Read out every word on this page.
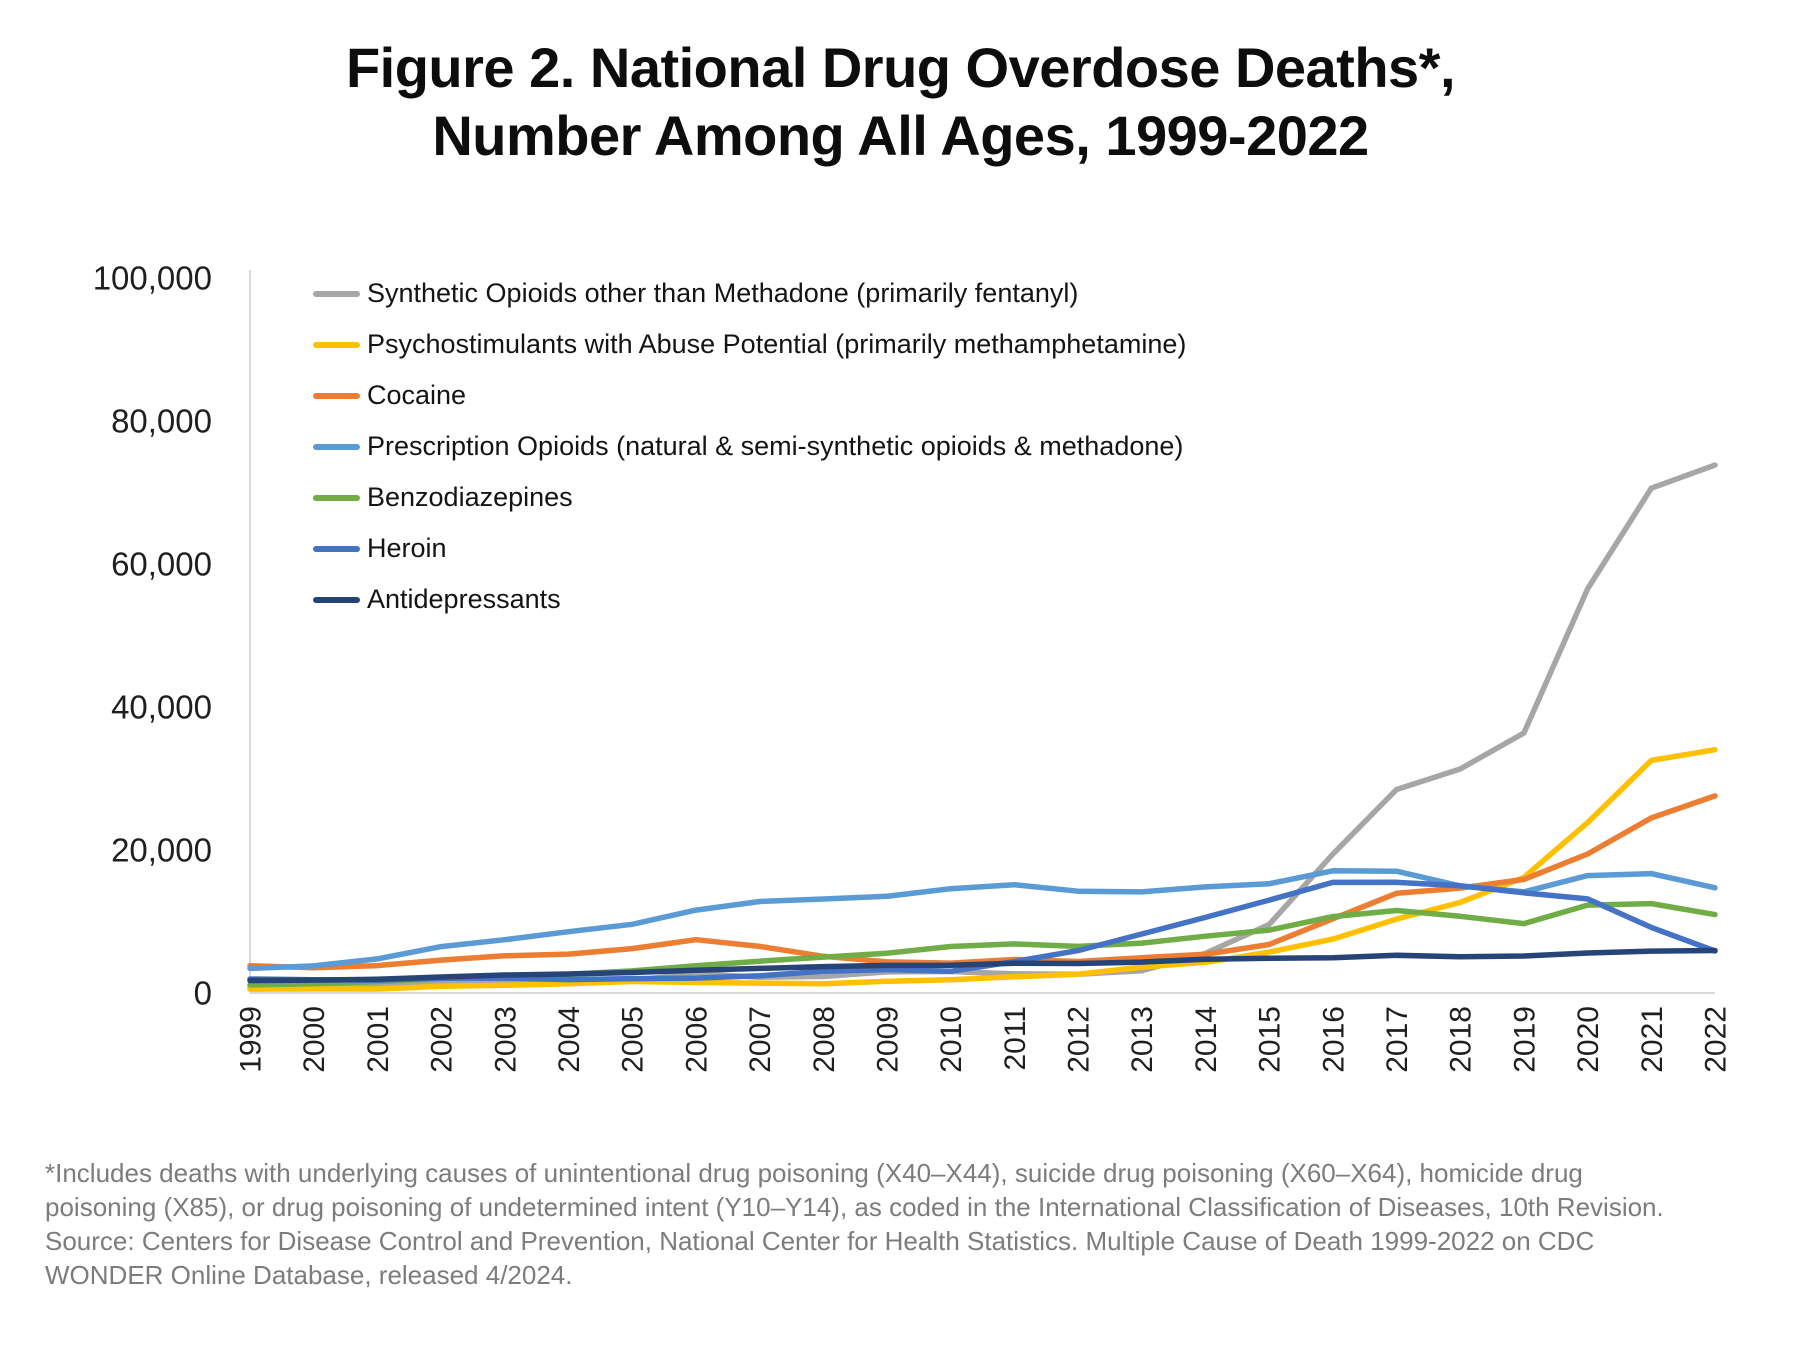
0
20,000
40,000
60,000
80,000
100,000
1999 2000 2001 2002 2003 2004 2005 2006 2007 2008 2009 2010 2011 2012 2013 2014 2015 2016 2017 2018 2019 2020 2021 2022
Figure 2. National Drug Overdose Deaths*,
Number Among All Ages, 1999-2022
Synthetic Opioids other than Methadone (primarily fentanyl)
Psychostimulants with Abuse Potential (primarily methamphetamine)
Cocaine
Prescription Opioids (natural & semi-synthetic opioids & methadone)
Benzodiazepines
Heroin
Antidepressants
*Includes deaths with underlying causes of unintentional drug poisoning (X40–X44), suicide drug poisoning (X60–X64), homicide drug
poisoning (X85), or drug poisoning of undetermined intent (Y10–Y14), as coded in the International Classification of Diseases, 10th Revision.
Source: Centers for Disease Control and Prevention, National Center for Health Statistics. Multiple Cause of Death 1999-2022 on CDC
WONDER Online Database, released 4/2024.
